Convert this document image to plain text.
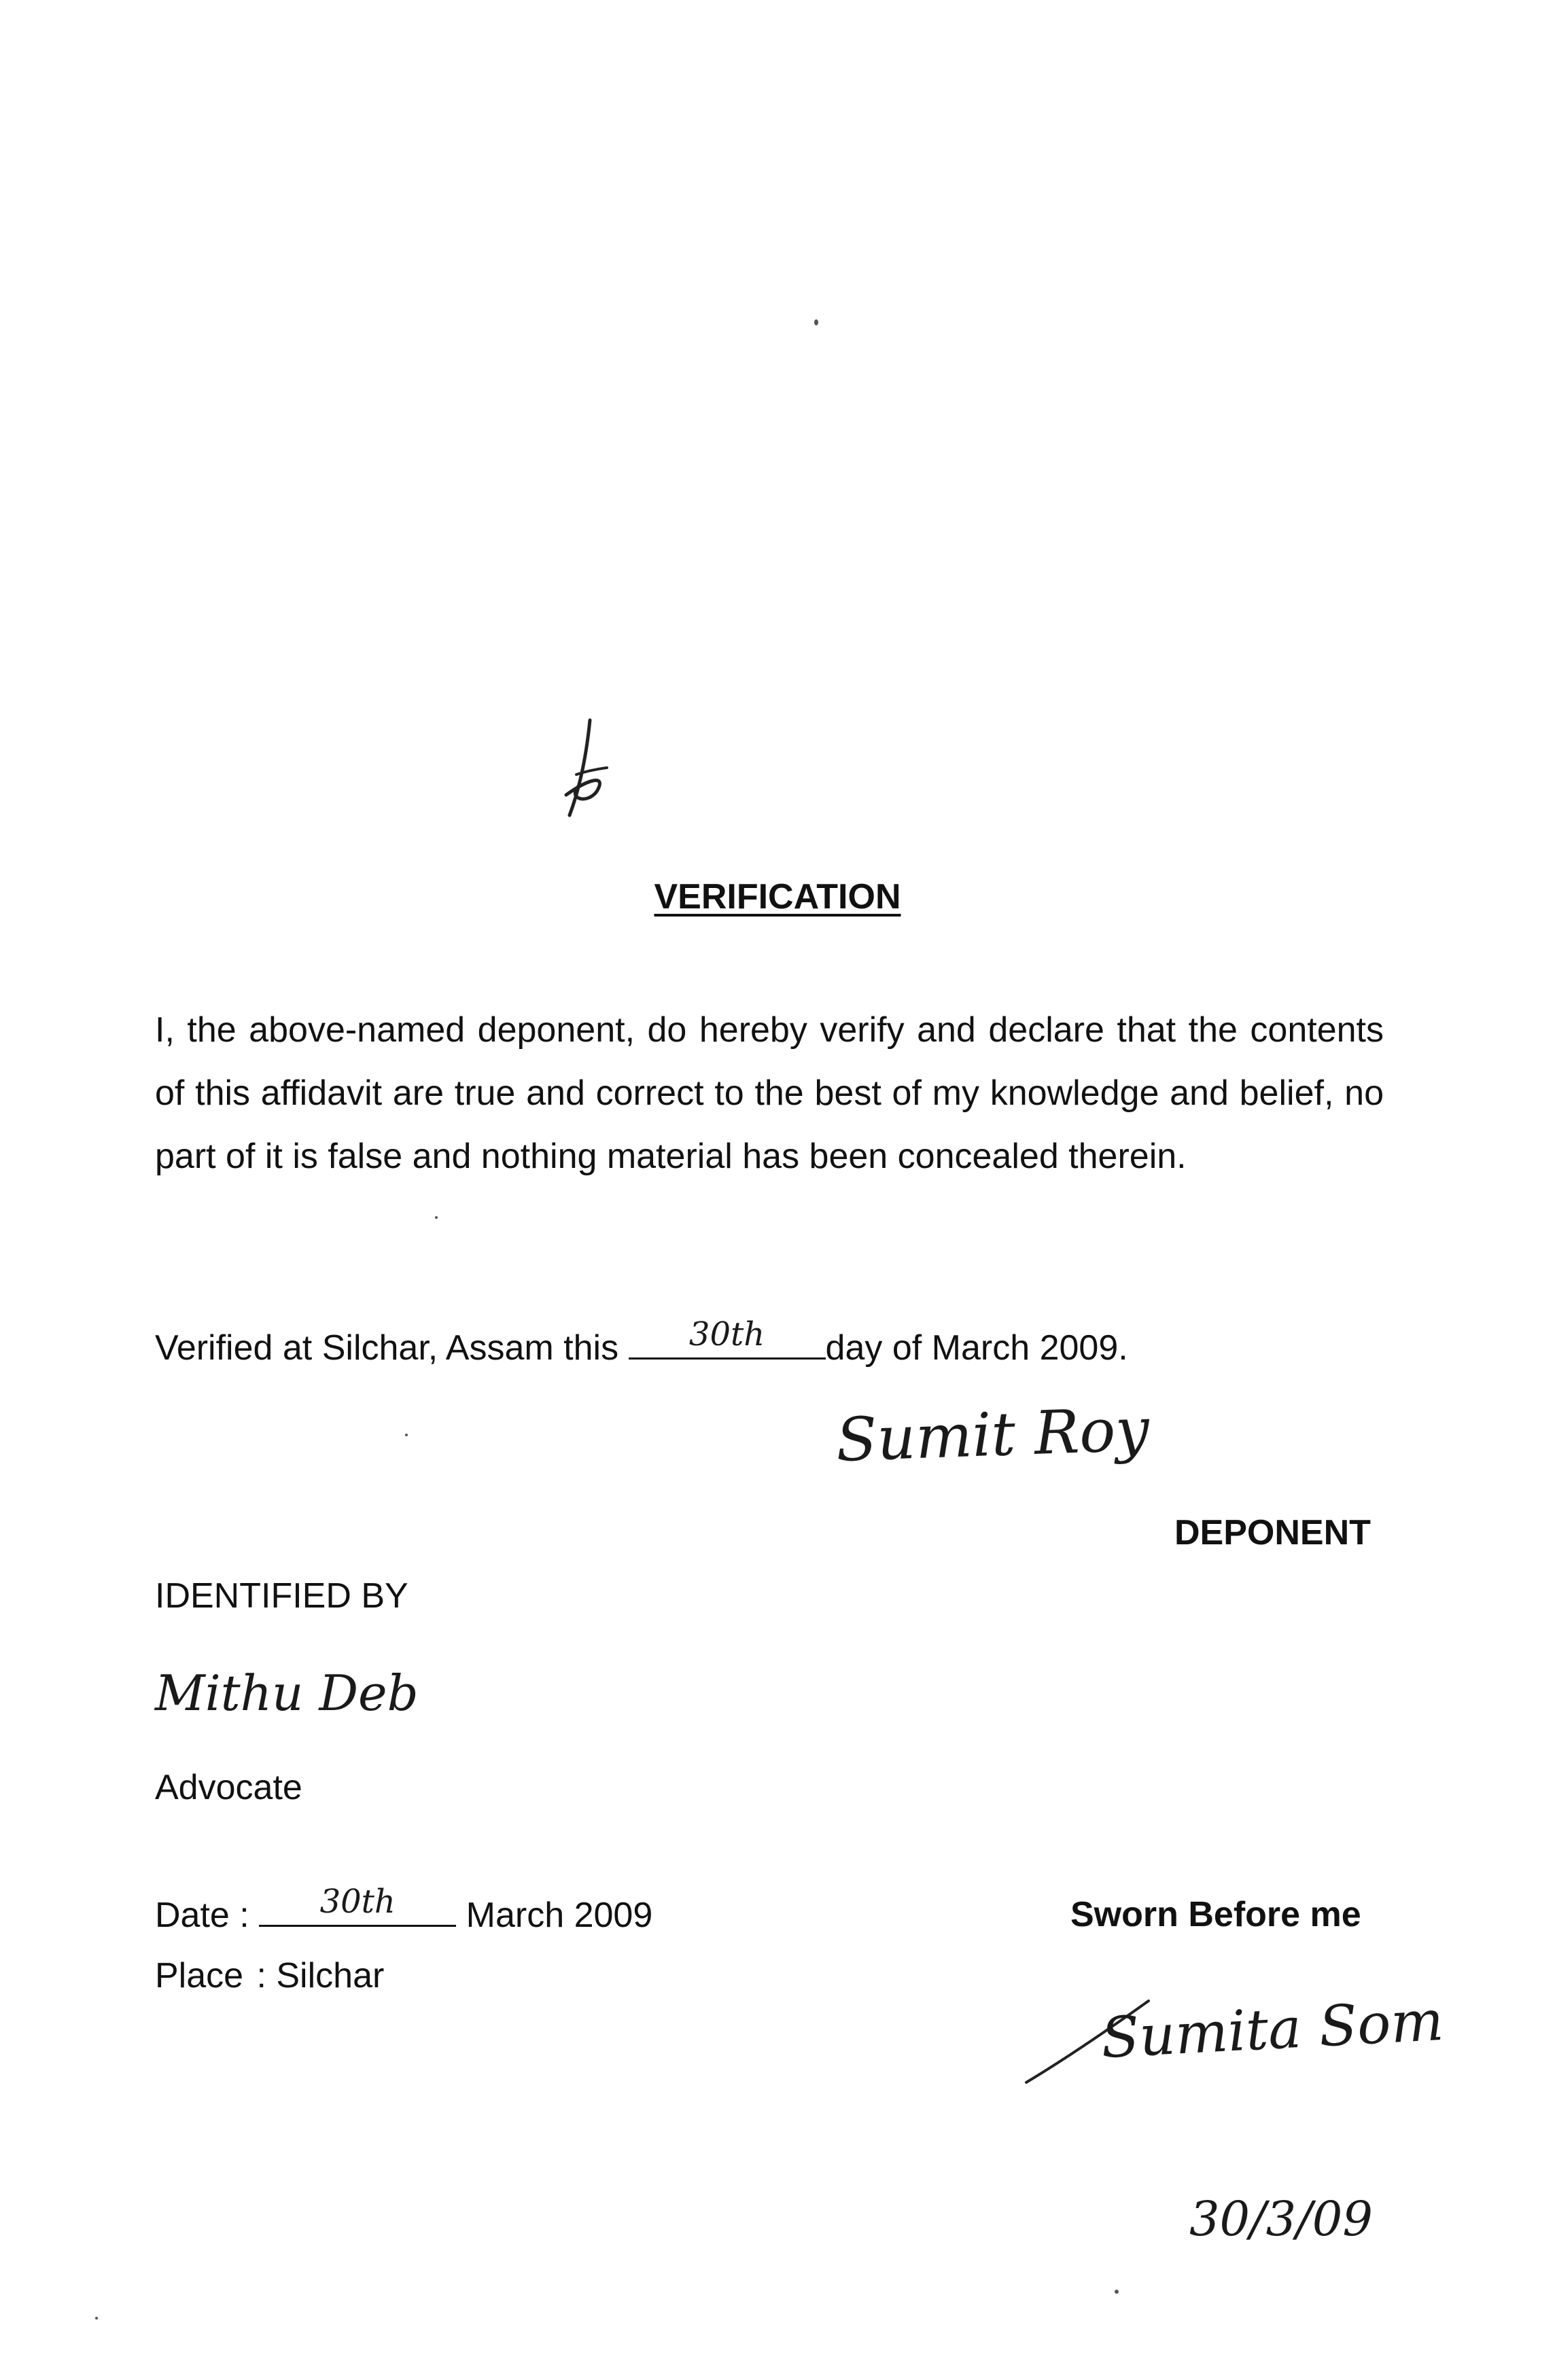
VERIFICATION
I, the above-named deponent, do hereby verify and declare that the contents of this affidavit are true and correct to the best of my knowledge and belief, no part of it is false and nothing material has been concealed therein.
Verified at Silchar, Assam this	30th	day of March 2009.
Sumit Roy
DEPONENT
IDENTIFIED BY
Mithu Deb
Advocate
Date :	30th	March 2009
Place : Silchar
Sworn Before me
Sumita Som
30/3/09
